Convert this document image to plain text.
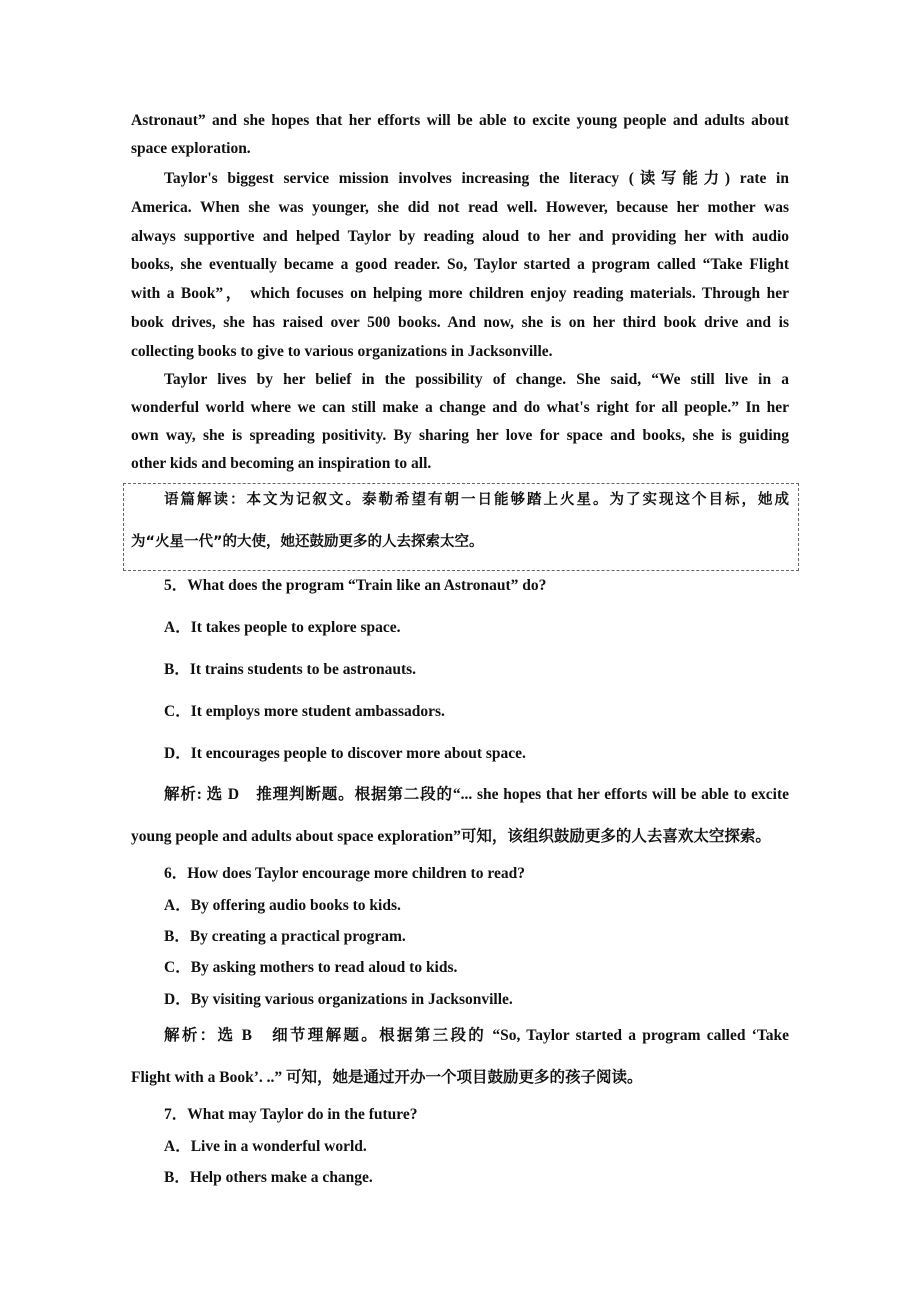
Astronaut” and she hopes that her efforts will be able to excite young people and adults about
space exploration.
Taylor's biggest service mission involves increasing the literacy (读写能力) rate in
America. When she was younger, she did not read well. However, because her mother was
always supportive and helped Taylor by reading aloud to her and providing her with audio
books, she eventually became a good reader. So, Taylor started a program called “Take Flight
with a Book”， which focuses on helping more children enjoy reading materials. Through her
book drives, she has raised over 500 books. And now, she is on her third book drive and is
collecting books to give to various organizations in Jacksonville.
Taylor lives by her belief in the possibility of change. She said, “We still live in a
wonderful world where we can still make a change and do what's right for all people.” In her
own way, she is spreading positivity. By sharing her love for space and books, she is guiding
other kids and becoming an inspiration to all.
语篇解读：本文为记叙文。泰勒希望有朝一日能够踏上火星。为了实现这个目标，她成
为“火星一代”的大使，她还鼓励更多的人去探索太空。
5．What does the program “Train like an Astronaut” do?
A．It takes people to explore space.
B．It trains students to be astronauts.
C．It employs more student ambassadors.
D．It encourages people to discover more about space.
解析: 选 D　推理判断题。根据第二段的“... she hopes that her efforts will be able to excite
young people and adults about space exploration”可知，该组织鼓励更多的人去喜欢太空探索。
6．How does Taylor encourage more children to read?
A．By offering audio books to kids.
B．By creating a practical program.
C．By asking mothers to read aloud to kids.
D．By visiting various organizations in Jacksonville.
解析：选 B　细节理解题。根据第三段的 “So, Taylor started a program called ‘Take
Flight with a Book’. ..” 可知，她是通过开办一个项目鼓励更多的孩子阅读。
7．What may Taylor do in the future?
A．Live in a wonderful world.
B．Help others make a change.
